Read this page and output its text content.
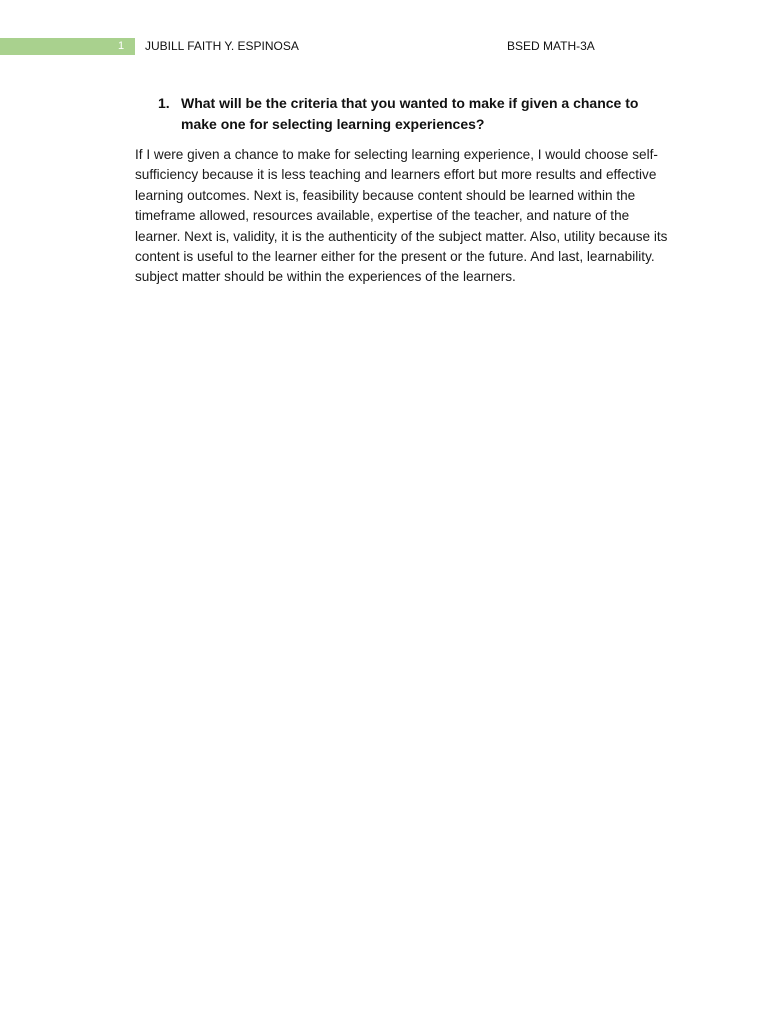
1 JUBILL FAITH Y. ESPINOSA	BSED MATH-3A
1. What will be the criteria that you wanted to make if given a chance to make one for selecting learning experiences?

If I were given a chance to make for selecting learning experience, I would choose self-sufficiency because it is less teaching and learners effort but more results and effective learning outcomes. Next is, feasibility because content should be learned within the timeframe allowed, resources available, expertise of the teacher, and nature of the learner. Next is, validity, it is the authenticity of the subject matter. Also, utility because its content is useful to the learner either for the present or the future. And last, learnability. subject matter should be within the experiences of the learners.
